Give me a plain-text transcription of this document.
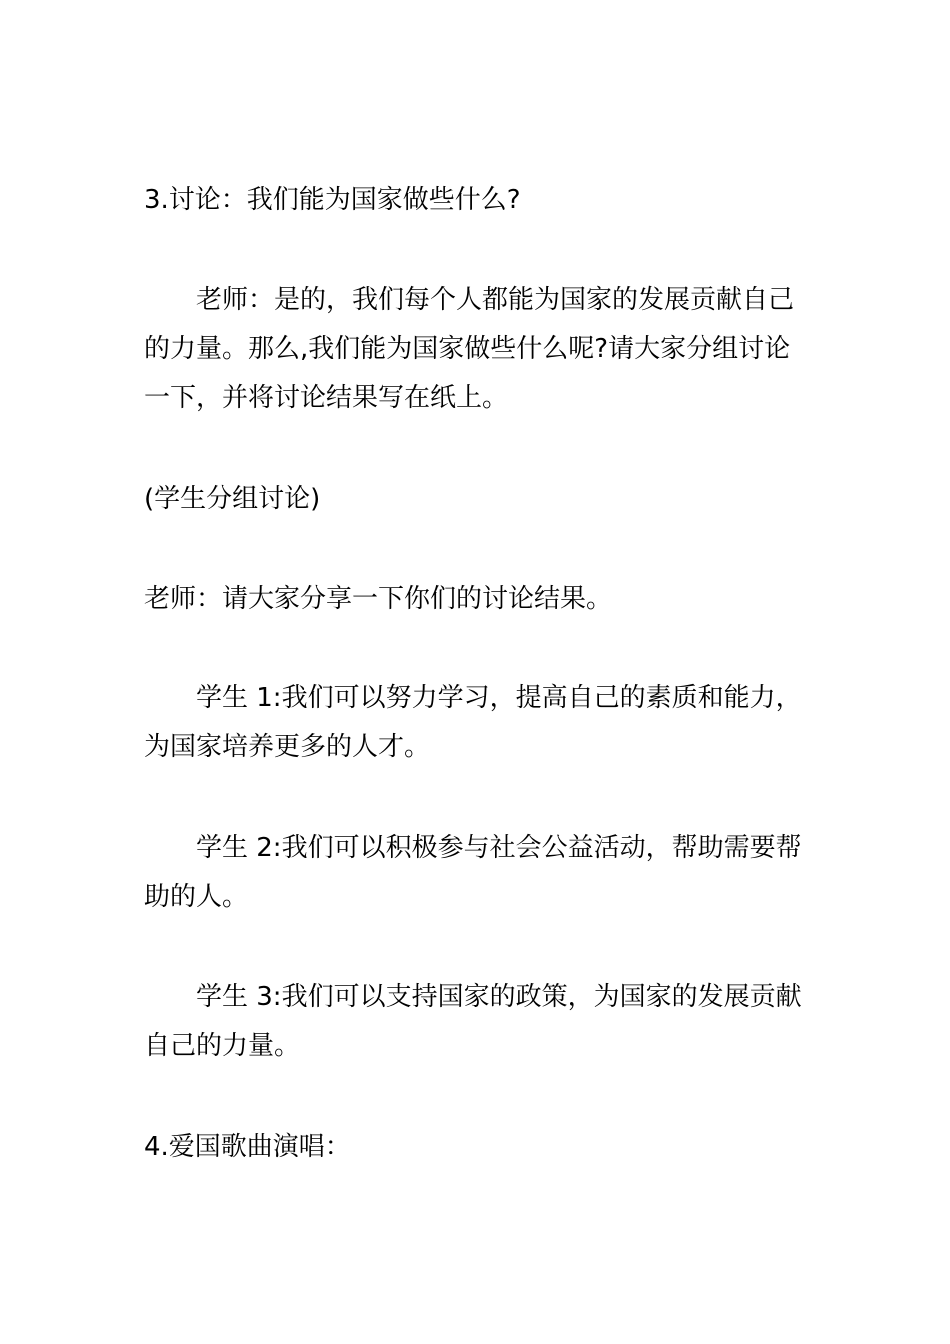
3.讨论：我们能为国家做些什么?

老师：是的，我们每个人都能为国家的发展贡献自己的力量。那么,我们能为国家做些什么呢?请大家分组讨论一下，并将讨论结果写在纸上。

(学生分组讨论)

老师：请大家分享一下你们的讨论结果。

学生 1:我们可以努力学习，提高自己的素质和能力，为国家培养更多的人才。

学生 2:我们可以积极参与社会公益活动，帮助需要帮助的人。

学生 3:我们可以支持国家的政策，为国家的发展贡献自己的力量。

4.爱国歌曲演唱：
